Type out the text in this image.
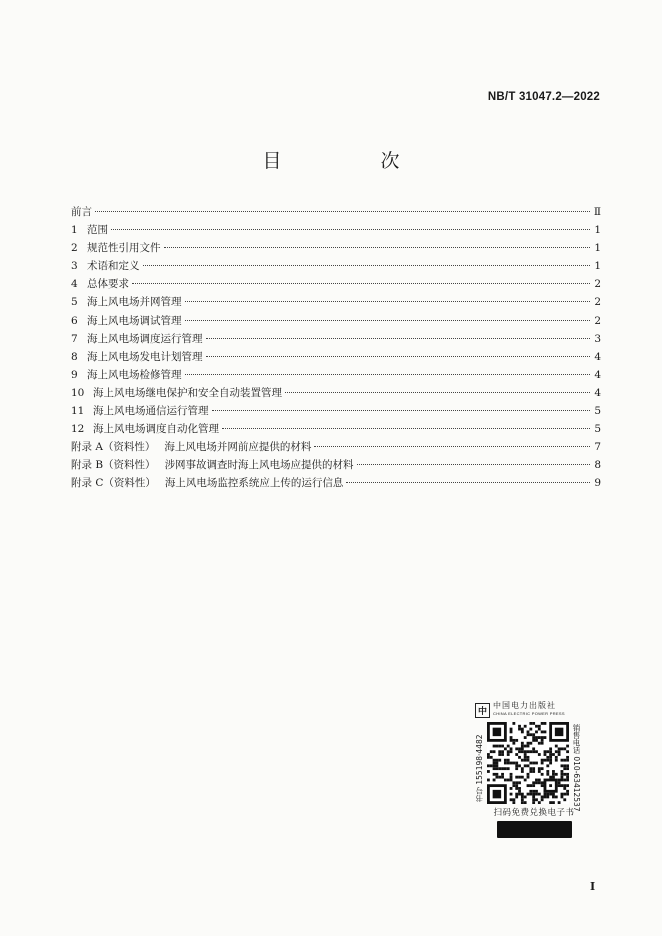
NB/T 31047.2—2022
目　次
前言	Ⅱ
1 范围	1
2 规范性引用文件	1
3 术语和定义	1
4 总体要求	2
5 海上风电场并网管理	2
6 海上风电场调试管理	2
7 海上风电场调度运行管理	3
8 海上风电场发电计划管理	4
9 海上风电场检修管理	4
10 海上风电场继电保护和安全自动装置管理	4
11 海上风电场通信运行管理	5
12 海上风电场调度自动化管理	5
附录 A（资料性） 海上风电场并网前应提供的材料	7
附录 B（资料性） 涉网事故调查时海上风电场应提供的材料	8
附录 C（资料性） 海上风电场监控系统应上传的运行信息	9
中
中国电力出版社
CHINA ELECTRIC POWER PRESS
书号 155198·4482	销售电话 010-63412537
扫码免费兑换电子书
I
